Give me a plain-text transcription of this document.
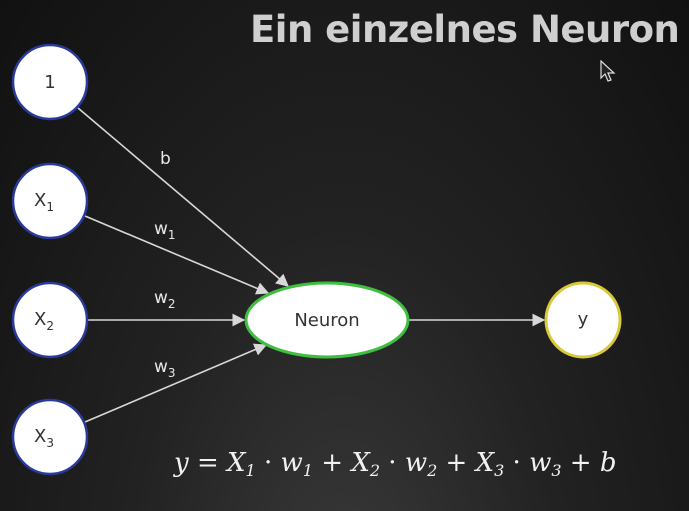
Ein einzelnes Neuron
b
$w_1$
$w_2$
$w_3$
1
$X_1$
$X_2$
$X_3$
Neuron	y
y = X1 · w1 + X2 · w2 + X3 · w3 + b
